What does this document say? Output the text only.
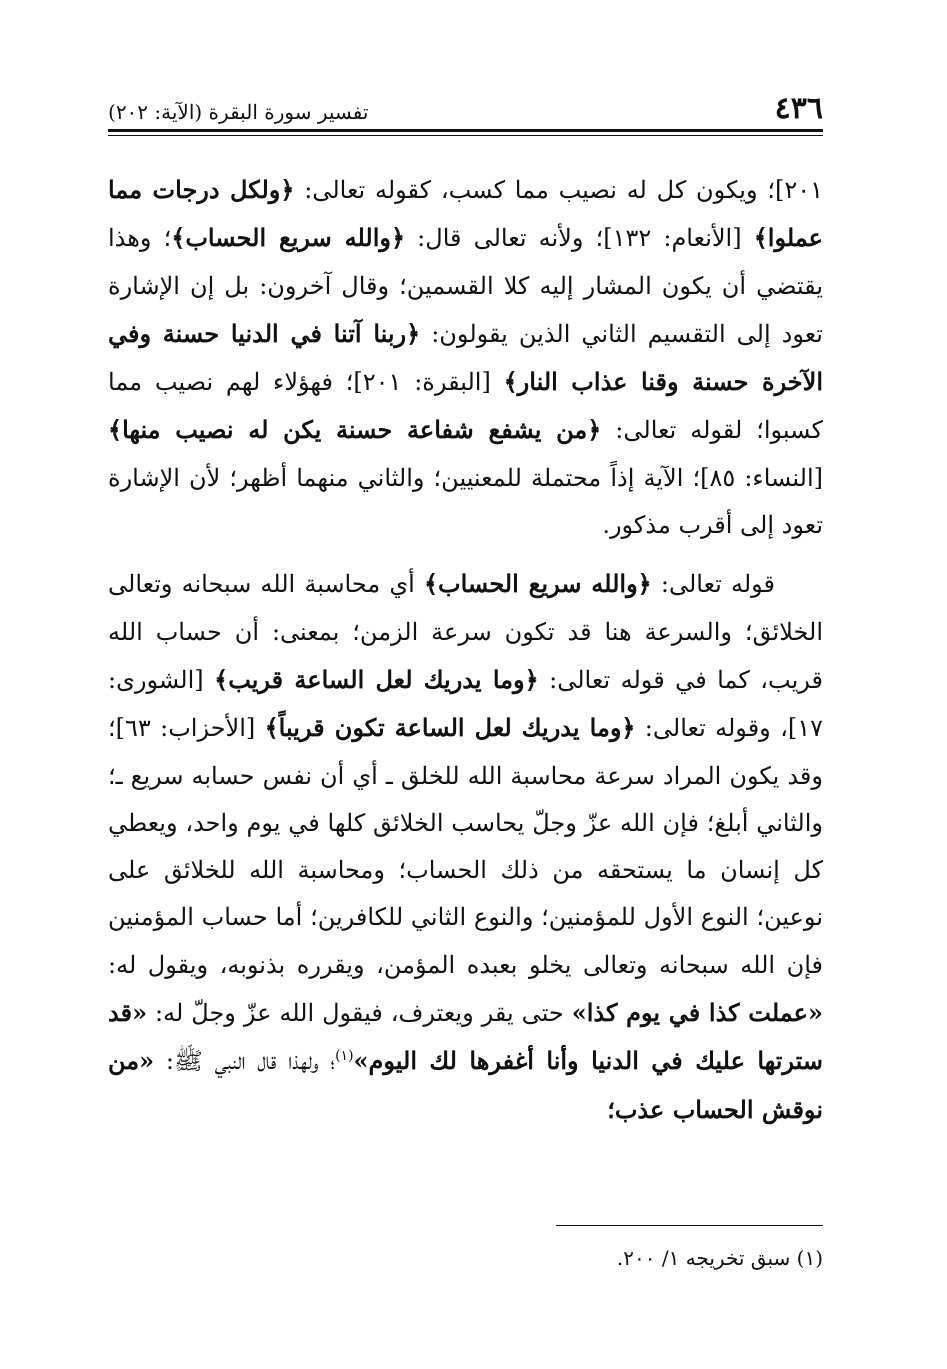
٤٣٦
تفسير سورة البقرة (الآية: ٢٠٢)

٢٠١]؛ ويكون كل له نصيب مما كسب، كقوله تعالى: ﴿ولكل درجات مما عملوا﴾ [الأنعام: ١٣٢]؛ ولأنه تعالى قال: ﴿والله سريع الحساب﴾؛ وهذا يقتضي أن يكون المشار إليه كلا القسمين؛ وقال آخرون: بل إن الإشارة تعود إلى التقسيم الثاني الذين يقولون: ﴿ربنا آتنا في الدنيا حسنة وفي الآخرة حسنة وقنا عذاب النار﴾ [البقرة: ٢٠١]؛ فهؤلاء لهم نصيب مما كسبوا؛ لقوله تعالى: ﴿من يشفع شفاعة حسنة يكن له نصيب منها﴾ [النساء: ٨٥]؛ الآية إذاً محتملة للمعنيين؛ والثاني منهما أظهر؛ لأن الإشارة تعود إلى أقرب مذكور.

قوله تعالى: ﴿والله سريع الحساب﴾ أي محاسبة الله سبحانه وتعالى الخلائق؛ والسرعة هنا قد تكون سرعة الزمن؛ بمعنى: أن حساب الله قريب، كما في قوله تعالى: ﴿وما يدريك لعل الساعة قريب﴾ [الشورى: ١٧]، وقوله تعالى: ﴿وما يدريك لعل الساعة تكون قريباً﴾ [الأحزاب: ٦٣]؛ وقد يكون المراد سرعة محاسبة الله للخلق ـ أي أن نفس حسابه سريع ـ؛ والثاني أبلغ؛ فإن الله عزّ وجلّ يحاسب الخلائق كلها في يوم واحد، ويعطي كل إنسان ما يستحقه من ذلك الحساب؛ ومحاسبة الله للخلائق على نوعين؛ النوع الأول للمؤمنين؛ والنوع الثاني للكافرين؛ أما حساب المؤمنين فإن الله سبحانه وتعالى يخلو بعبده المؤمن، ويقرره بذنوبه، ويقول له: «عملت كذا في يوم كذا» حتى يقر ويعترف، فيقول الله عزّ وجلّ له: «قد سترتها عليك في الدنيا وأنا أغفرها لك اليوم»$^{(١)}$؛ ولهذا قال النبي ﷺ: «من نوقش الحساب عذب؛

(١) سبق تخريجه ١/ ٢٠٠.
